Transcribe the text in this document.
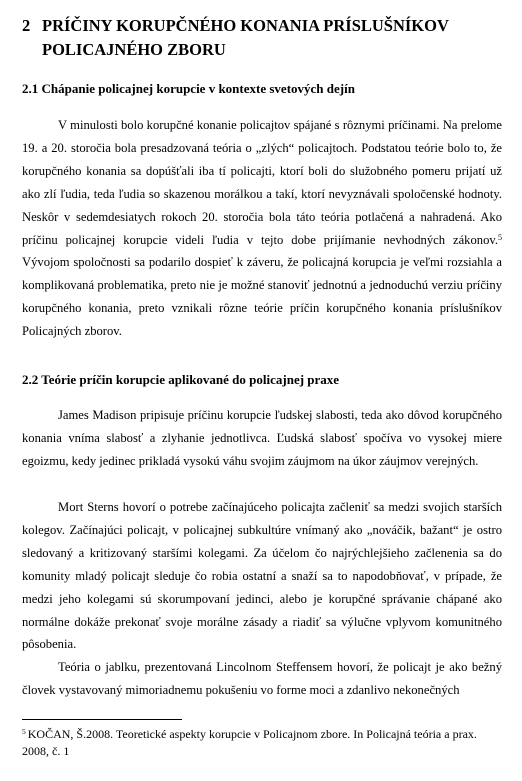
2 PRÍČINY KORUPČNÉHO KONANIA PRÍSLUŠNÍKOV POLICAJNÉHO ZBORU
2.1 Chápanie policajnej korupcie v kontexte svetových dejín

V minulosti bolo korupčné konanie policajtov spájané s rôznymi príčinami. Na prelome 19. a 20. storočia bola presadzovaná teória o „zlých“ policajtoch. Podstatou teórie bolo to, že korupčného konania sa dopúšťali iba tí policajti, ktorí boli do služobného pomeru prijatí už ako zlí ľudia, teda ľudia so skazenou morálkou a takí, ktorí nevyznávali spoločenské hodnoty. Neskôr v sedemdesiatych rokoch 20. storočia bola táto teória potlačená a nahradená. Ako príčinu policajnej korupcie videli ľudia v tejto dobe prijímanie nevhodných zákonov.$^5$ Vývojom spoločnosti sa podarilo dospieť k záveru, že policajná korupcia je veľmi rozsiahla a komplikovaná problematika, preto nie je možné stanoviť jednotnú a jednoduchú verziu príčiny korupčného konania, preto vznikali rôzne teórie príčin korupčného konania príslušníkov Policajných zborov.

2.2 Teórie príčin korupcie aplikované do policajnej praxe

James Madison pripisuje príčinu korupcie ľudskej slabosti, teda ako dôvod korupčného konania vníma slabosť a zlyhanie jednotlivca. Ľudská slabosť spočíva vo vysokej miere egoizmu, kedy jedinec prikladá vysokú váhu svojim záujmom na úkor záujmov verejných.

Mort Sterns hovorí o potrebe začínajúceho policajta začleniť sa medzi svojich starších kolegov. Začínajúci policajt, v policajnej subkultúre vnímaný ako „nováčik, bažant“ je ostro sledovaný a kritizovaný staršími kolegami. Za účelom čo najrýchlejšieho začlenenia sa do komunity mladý policajt sleduje čo robia ostatní a snaží sa to napodobňovať, v prípade, že medzi jeho kolegami sú skorumpovaní jedinci, alebo je korupčné správanie chápané ako normálne dokáže prekonať svoje morálne zásady a riadiť sa výlučne vplyvom komunitného pôsobenia.

Teória o jablku, prezentovaná Lincolnom Steffensem hovorí, že policajt je ako bežný človek vystavovaný mimoriadnemu pokušeniu vo forme moci a zdanlivo nekonečných

$^5$ KOČAN, Š.2008. Teoretické aspekty korupcie v Policajnom zbore. In Policajná teória a prax. 2008, č. 1
